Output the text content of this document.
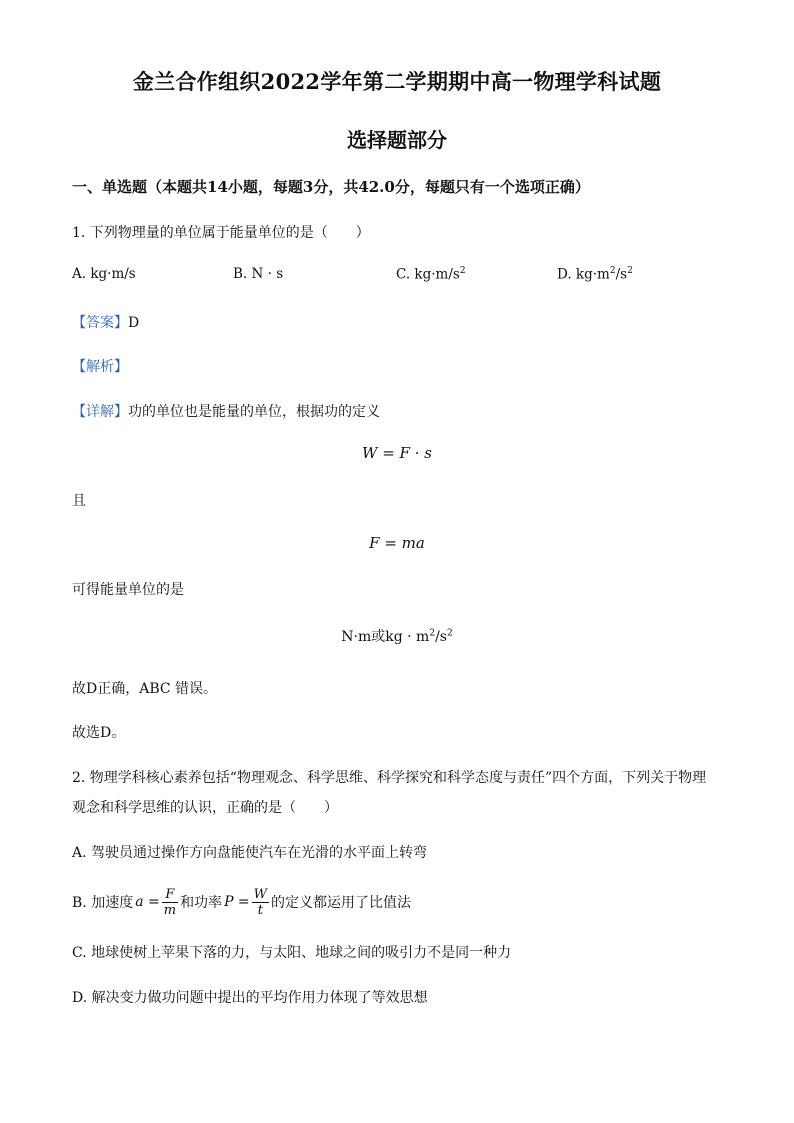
金兰合作组织2022学年第二学期期中高一物理学科试题
选择题部分
一、单选题（本题共14小题，每题3分，共42.0分，每题只有一个选项正确）
1. 下列物理量的单位属于能量单位的是（　　）
A. kg·m/s	B. N · s	C. $kg\cdot m/s^2$	D. $kg\cdot m^2/s^2$
【答案】D
【解析】
【详解】功的单位也是能量的单位，根据功的定义
W = F · s
且
F = ma
可得能量单位的是
N·m或kg · $m^2/s^2$
故D正确，ABC 错误。
故选D。
2. 物理学科核心素养包括“物理观念、科学思维、科学探究和科学态度与责任”四个方面，下列关于物理
观念和科学思维的认识，正确的是（　　）
A. 驾驶员通过操作方向盘能使汽车在光滑的水平面上转弯
B. 加速度 $a = \frac{F}{m}$ 和功率 $P = \frac{W}{t}$ 的定义都运用了比值法
C. 地球使树上苹果下落的力，与太阳、地球之间的吸引力不是同一种力
D. 解决变力做功问题中提出的平均作用力体现了等效思想
